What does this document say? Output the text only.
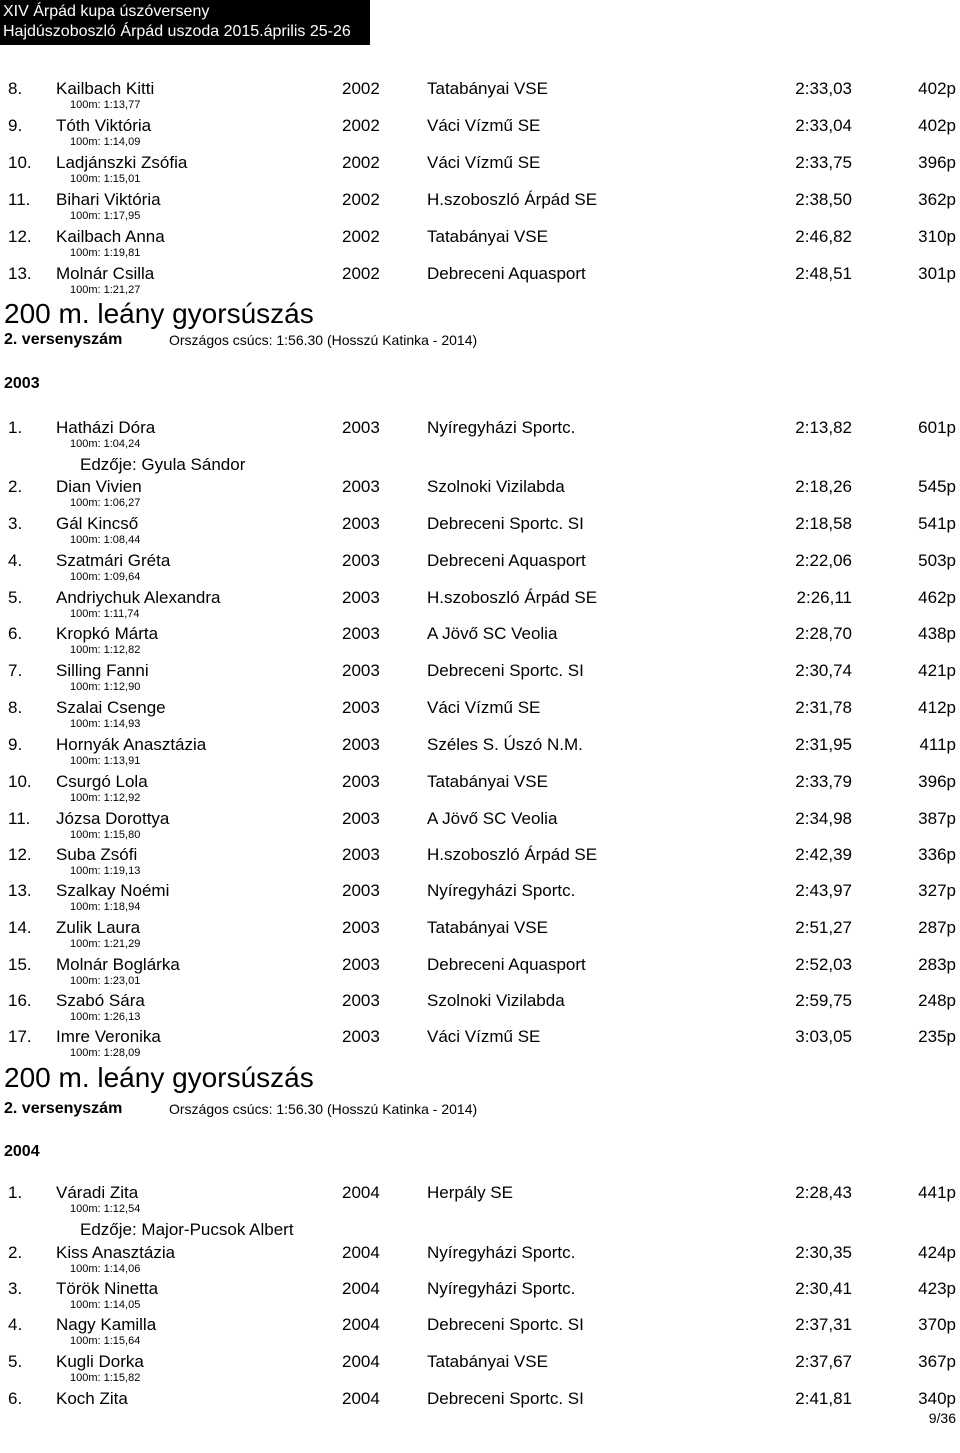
XIV Árpád kupa úszóverseny
Hajdúszoboszló Árpád uszoda 2015.április 25-26
8. Kailbach Kitti	2002	Tatabányai VSE	2:33,03	402p
100m: 1:13,77
9. Tóth Viktória	2002	Váci Vízmű SE	2:33,04	402p
100m: 1:14,09
10. Ladjánszki Zsófia	2002	Váci Vízmű SE	2:33,75	396p
100m: 1:15,01
11. Bihari Viktória	2002	H.szoboszló Árpád SE	2:38,50	362p
100m: 1:17,95
12. Kailbach Anna	2002	Tatabányai VSE	2:46,82	310p
100m: 1:19,81
13. Molnár Csilla	2002	Debreceni Aquasport	2:48,51	301p
100m: 1:21,27
200 m. leány gyorsúszás
2. versenyszám	Országos csúcs: 1:56.30 (Hosszú Katinka - 2014)
2003
1. Hatházi Dóra	2003	Nyíregyházi Sportc.	2:13,82	601p
100m: 1:04,24
2. Dian Vivien	2003	Szolnoki Vizilabda	2:18,26	545p
100m: 1:06,27
3. Gál Kincső	2003	Debreceni Sportc. SI	2:18,58	541p
100m: 1:08,44
4. Szatmári Gréta	2003	Debreceni Aquasport	2:22,06	503p
100m: 1:09,64
5. Andriychuk Alexandra	2003	H.szoboszló Árpád SE	2:26,11	462p
100m: 1:11,74
6. Kropkó Márta	2003	A Jövő SC Veolia	2:28,70	438p
100m: 1:12,82
7. Silling Fanni	2003	Debreceni Sportc. SI	2:30,74	421p
100m: 1:12,90
8. Szalai Csenge	2003	Váci Vízmű SE	2:31,78	412p
100m: 1:14,93
9. Hornyák Anasztázia	2003	Széles S. Úszó N.M.	2:31,95	411p
100m: 1:13,91
10. Csurgó Lola	2003	Tatabányai VSE	2:33,79	396p
100m: 1:12,92
11. Józsa Dorottya	2003	A Jövő SC Veolia	2:34,98	387p
100m: 1:15,80
12. Suba Zsófi	2003	H.szoboszló Árpád SE	2:42,39	336p
100m: 1:19,13
13. Szalkay Noémi	2003	Nyíregyházi Sportc.	2:43,97	327p
100m: 1:18,94
14. Zulik Laura	2003	Tatabányai VSE	2:51,27	287p
100m: 1:21,29
15. Molnár Boglárka	2003	Debreceni Aquasport	2:52,03	283p
100m: 1:23,01
16. Szabó Sára	2003	Szolnoki Vizilabda	2:59,75	248p
100m: 1:26,13
17. Imre Veronika	2003	Váci Vízmű SE	3:03,05	235p
100m: 1:28,09
Edzője: Gyula Sándor
200 m. leány gyorsúszás
2. versenyszám	Országos csúcs: 1:56.30 (Hosszú Katinka - 2014)
2004
1. Váradi Zita	2004	Herpály SE	2:28,43	441p
100m: 1:12,54
2. Kiss Anasztázia	2004	Nyíregyházi Sportc.	2:30,35	424p
100m: 1:14,06
3. Török Ninetta	2004	Nyíregyházi Sportc.	2:30,41	423p
100m: 1:14,05
4. Nagy Kamilla	2004	Debreceni Sportc. SI	2:37,31	370p
100m: 1:15,64
5. Kugli Dorka	2004	Tatabányai VSE	2:37,67	367p
100m: 1:15,82
6. Koch Zita	2004	Debreceni Sportc. SI	2:41,81	340p
Edzője: Major-Pucsok Albert
9/36
